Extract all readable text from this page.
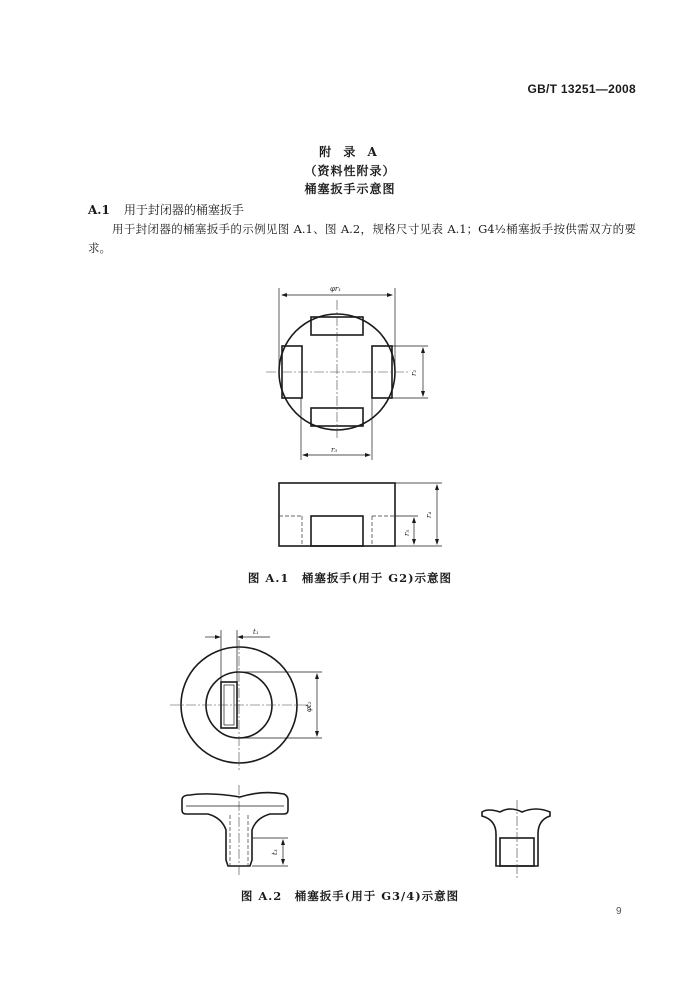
GB/T 13251—2008
附 录 A
（资料性附录）
桶塞扳手示意图
A.1 用于封闭器的桶塞扳手
用于封闭器的桶塞扳手的示例见图 A.1、图 A.2，规格尺寸见表 A.1；G4½桶塞扳手按供需双方的要求。
φr₁
r₂
r₃
r₄
r₅
图 A.1　桶塞扳手(用于 G2)示意图
t₁
φt₂
t₃
图 A.2　桶塞扳手(用于 G3/4)示意图
9
